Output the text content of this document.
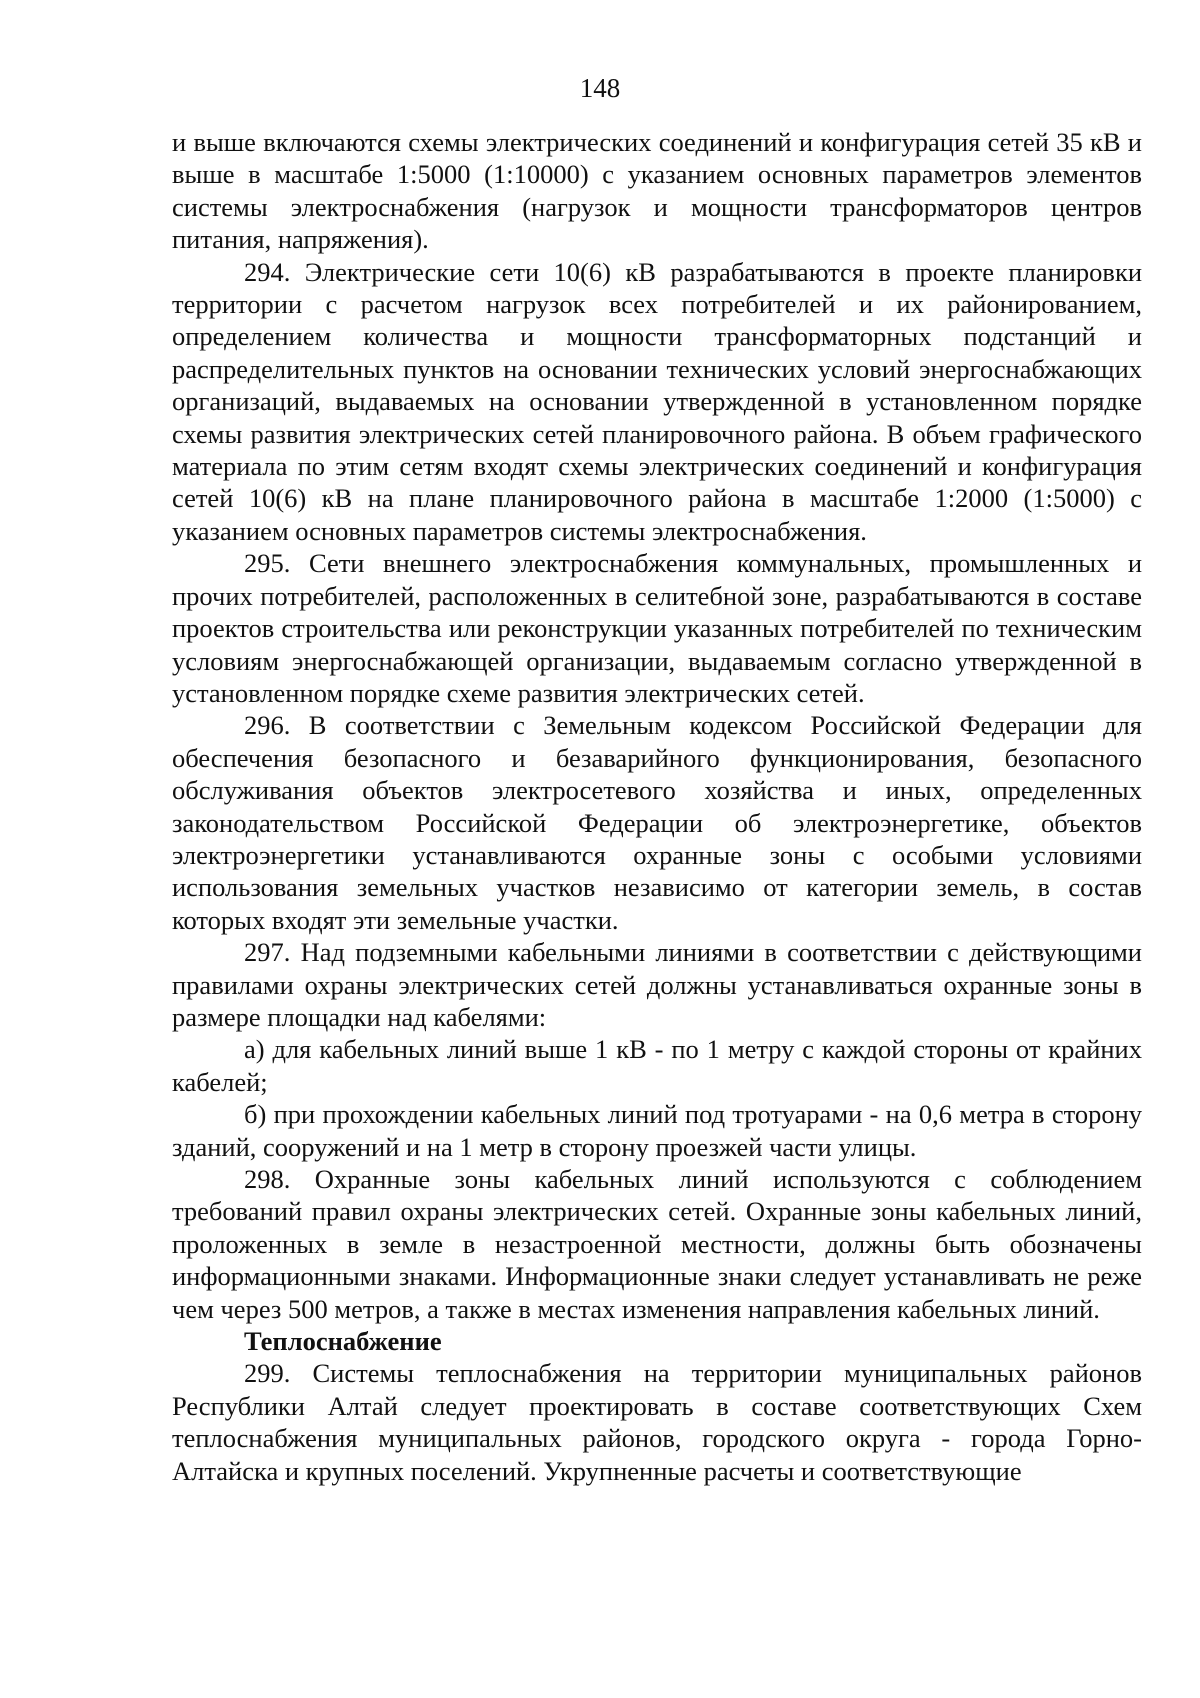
148

и выше включаются схемы электрических соединений и конфигурация сетей 35 кВ и выше в масштабе 1:5000 (1:10000) с указанием основных параметров элементов системы электроснабжения (нагрузок и мощности трансформаторов центров питания, напряжения).

294. Электрические сети 10(6) кВ разрабатываются в проекте планировки территории с расчетом нагрузок всех потребителей и их районированием, определением количества и мощности трансформаторных подстанций и распределительных пунктов на основании технических условий энергоснабжающих организаций, выдаваемых на основании утвержденной в установленном порядке схемы развития электрических сетей планировочного района. В объем графического материала по этим сетям входят схемы электрических соединений и конфигурация сетей 10(6) кВ на плане планировочного района в масштабе 1:2000 (1:5000) с указанием основных параметров системы электроснабжения.

295. Сети внешнего электроснабжения коммунальных, промышленных и прочих потребителей, расположенных в селитебной зоне, разрабатываются в составе проектов строительства или реконструкции указанных потребителей по техническим условиям энергоснабжающей организации, выдаваемым согласно утвержденной в установленном порядке схеме развития электрических сетей.

296. В соответствии с Земельным кодексом Российской Федерации для обеспечения безопасного и безаварийного функционирования, безопасного обслуживания объектов электросетевого хозяйства и иных, определенных законодательством Российской Федерации об электроэнергетике, объектов электроэнергетики устанавливаются охранные зоны с особыми условиями использования земельных участков независимо от категории земель, в состав которых входят эти земельные участки.

297. Над подземными кабельными линиями в соответствии с действующими правилами охраны электрических сетей должны устанавливаться охранные зоны в размере площадки над кабелями:

а) для кабельных линий выше 1 кВ - по 1 метру с каждой стороны от крайних кабелей;

б) при прохождении кабельных линий под тротуарами - на 0,6 метра в сторону зданий, сооружений и на 1 метр в сторону проезжей части улицы.

298. Охранные зоны кабельных линий используются с соблюдением требований правил охраны электрических сетей. Охранные зоны кабельных линий, проложенных в земле в незастроенной местности, должны быть обозначены информационными знаками. Информационные знаки следует устанавливать не реже чем через 500 метров, а также в местах изменения направления кабельных линий.

Теплоснабжение

299. Системы теплоснабжения на территории муниципальных районов Республики Алтай следует проектировать в составе соответствующих Схем теплоснабжения муниципальных районов, городского округа - города Горно-Алтайска и крупных поселений. Укрупненные расчеты и соответствующие
